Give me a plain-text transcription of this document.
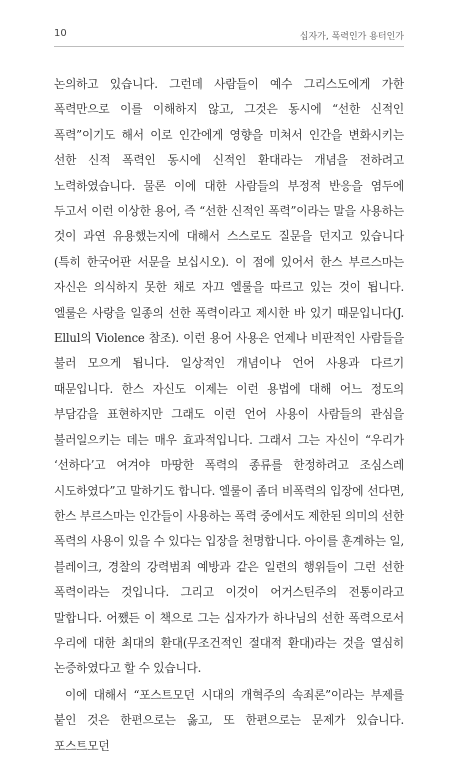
10	십자가, 폭력인가 용터인가

논의하고 있습니다. 그런데 사람들이 예수 그리스도에게 가한 폭력만으로 이를 이해하지 않고, 그것은 동시에 “선한 신적인 폭력”이기도 해서 이로 인간에게 영향을 미쳐서 인간을 변화시키는 선한 신적 폭력인 동시에 신적인 환대라는 개념을 전하려고 노력하였습니다. 물론 이에 대한 사람들의 부정적 반응을 염두에 두고서 이런 이상한 용어, 즉 “선한 신적인 폭력”이라는 말을 사용하는 것이 과연 유용했는지에 대해서 스스로도 질문을 던지고 있습니다(특히 한국어판 서문을 보십시오). 이 점에 있어서 한스 부르스마는 자신은 의식하지 못한 채로 자끄 엘룰을 따르고 있는 것이 됩니다. 엘룰은 사랑을 일종의 선한 폭력이라고 제시한 바 있기 때문입니다(J. Ellul의 Violence 참조). 이런 용어 사용은 언제나 비판적인 사람들을 불러 모으게 됩니다. 일상적인 개념이나 언어 사용과 다르기 때문입니다. 한스 자신도 이제는 이런 용법에 대해 어느 정도의 부담감을 표현하지만 그래도 이런 언어 사용이 사람들의 관심을 불러일으키는 데는 매우 효과적입니다. 그래서 그는 자신이 “우리가 ‘선하다’고 여겨야 마땅한 폭력의 종류를 한정하려고 조심스레 시도하였다”고 말하기도 합니다. 엘룰이 좀더 비폭력의 입장에 선다면, 한스 부르스마는 인간들이 사용하는 폭력 중에서도 제한된 의미의 선한 폭력의 사용이 있을 수 있다는 입장을 천명합니다. 아이를 훈계하는 일, 블레이크, 경찰의 강력범죄 예방과 같은 일련의 행위들이 그런 선한 폭력이라는 것입니다. 그리고 이것이 어거스틴주의 전통이라고 말합니다. 어쨌든 이 책으로 그는 십자가가 하나님의 선한 폭력으로서 우리에 대한 최대의 환대(무조건적인 절대적 환대)라는 것을 열심히 논증하였다고 할 수 있습니다.

이에 대해서 “포스트모던 시대의 개혁주의 속죄론”이라는 부제를 붙인 것은 한편으로는 옳고, 또 한편으로는 문제가 있습니다. 포스트모던
